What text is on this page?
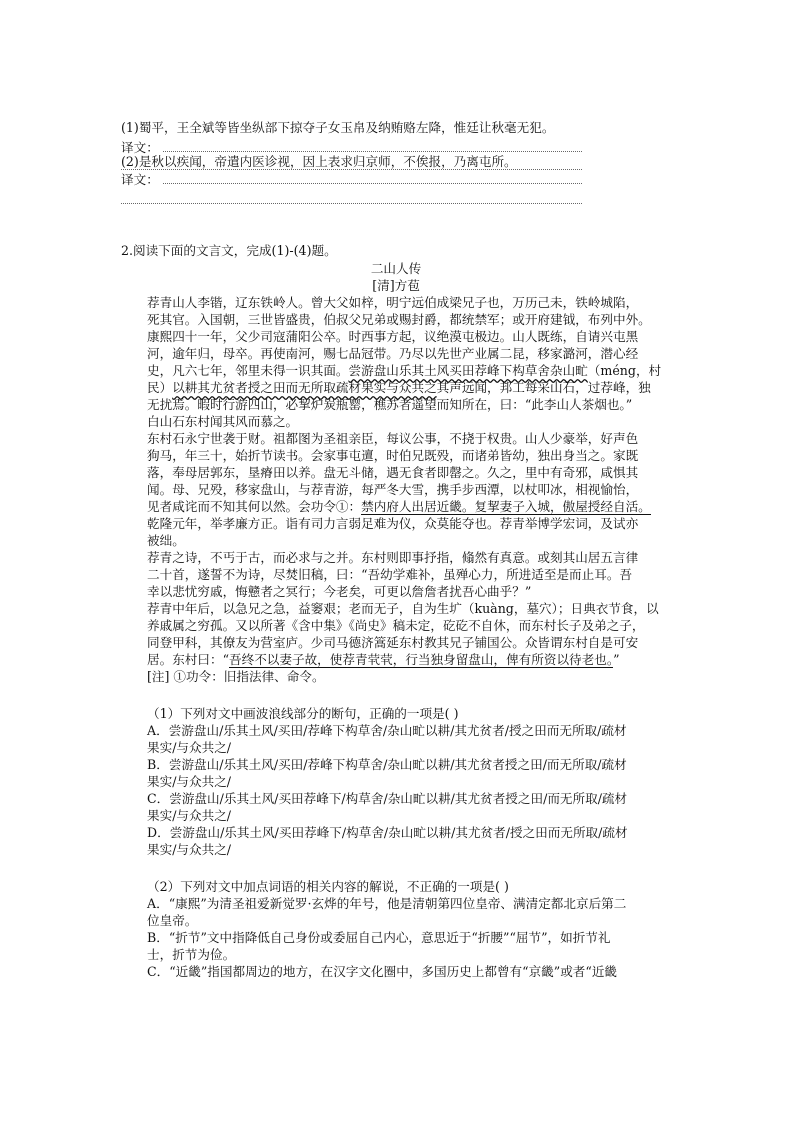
(1)蜀平，王全斌等皆坐纵部下掠夺子女玉帛及纳贿赂左降，惟廷让秋毫无犯。
译文：
(2)是秋以疾闻，帝遣内医诊视，因上表求归京师，不俟报，乃离屯所。
译文：
2.阅读下面的文言文，完成(1)-(4)题。
二山人传
[清]方苞
荐青山人李锴，辽东铁岭人。曾大父如梓，明宁远伯成梁兄子也，万历己未，铁岭城陷，
死其官。入国朝，三世皆盛贵，伯叔父兄弟或赐封爵，都统禁军；或开府建钺，布列中外。
康熙四十一年，父少司寇蒲阳公卒。时西事方起，议绝漠屯极边。山人既练，自请兴屯黑
河，逾年归，母卒。再使南河，赐七品冠带。乃尽以先世产业属二昆，移家潞河，潜心经
史，凡六七年，邻里未得一识其面。尝游盘山乐其土风买田荐峰下构草舍杂山甿（méng，村
民）以耕其尤贫者授之田而无所取疏材果实与众共之其声远闻，邦工每采山石，过荐峰，独
无扰焉。暇时行游四山，必挈炉炭瓶罂，樵苏者遥望而知所在，曰：“此李山人茶烟也。”
白山石东村闻其风而慕之。
东村石永宁世袭于财。祖都图为圣祖亲臣，每议公事，不挠于权贵。山人少豪举，好声色
狗马，年三十，始折节读书。会家事屯邅，时伯兄既殁，而诸弟皆幼，独出身当之。家既
落，奉母居郭东，垦瘠田以养。盘无斗储，遇无食者即罄之。久之，里中有奇邪，咸惧其
闻。母、兄殁，移家盘山，与荐青游，每严冬大雪，携手步西潭，以杖叩冰，相视愉怡，
见者咸诧而不知其何以然。会功令①：禁内府人出居近畿。复挈妻子入城，傲屋授经自活。
乾隆元年，举孝廉方正。诣有司力言弱足难为仪，众莫能夺也。荐青举博学宏词，及试亦
被绌。
荐青之诗，不丐于古，而必求与之并。东村则即事抒指，翛然有真意。或刻其山居五言律
二十首，遂誓不为诗，尽焚旧稿，曰：“吾幼学难补，虽殚心力，所进适至是而止耳。吾
幸以悲忧穷戚，悔戆者之冥行；今老矣，可更以詹詹者扰吾心曲乎？”
荐青中年后，以急兄之急，益窭艰；老而无子，自为生圹（kuàng，墓穴）；日典衣节食，以
养戚属之穷孤。又以所著《含中集》《尚史》稿未定，矻矻不自休，而东村长子及弟之子，
同登甲科，其僚友为营室庐。少司马德济篙延东村教其兄子铺国公。众皆谓东村自是可安
居。东村曰：“吾终不以妻子故，使荐青茕茕，行当独身留盘山，俾有所资以待老也。”
[注] ①功令：旧指法律、命令。
（1）下列对文中画波浪线部分的断句，正确的一项是( )
A．尝游盘山/乐其土风/买田/荐峰下构草舍/杂山甿以耕/其尤贫者/授之田而无所取/疏材
果实/与众共之/
B．尝游盘山/乐其土风/买田/荐峰下构草舍/杂山甿以耕/其尤贫者授之田/而无所取/疏材
果实/与众共之/
C．尝游盘山/乐其土风/买田荐峰下/构草舍/杂山甿以耕/其尤贫者授之田/而无所取/疏材
果实/与众共之/
D．尝游盘山/乐其土风/买田荐峰下/构草舍/杂山甿以耕/其尤贫者/授之田而无所取/疏材
果实/与众共之/
（2）下列对文中加点词语的相关内容的解说，不正确的一项是( )
A．“康熙”为清圣祖爱新觉罗·玄烨的年号，他是清朝第四位皇帝、满清定都北京后第二
位皇帝。
B．“折节”文中指降低自己身份或委屈自己内心，意思近于“折腰”“屈节”，如折节礼
士，折节为俭。
C．“近畿”指国都周边的地方，在汉字文化圈中，多国历史上都曾有“京畿”或者“近畿
